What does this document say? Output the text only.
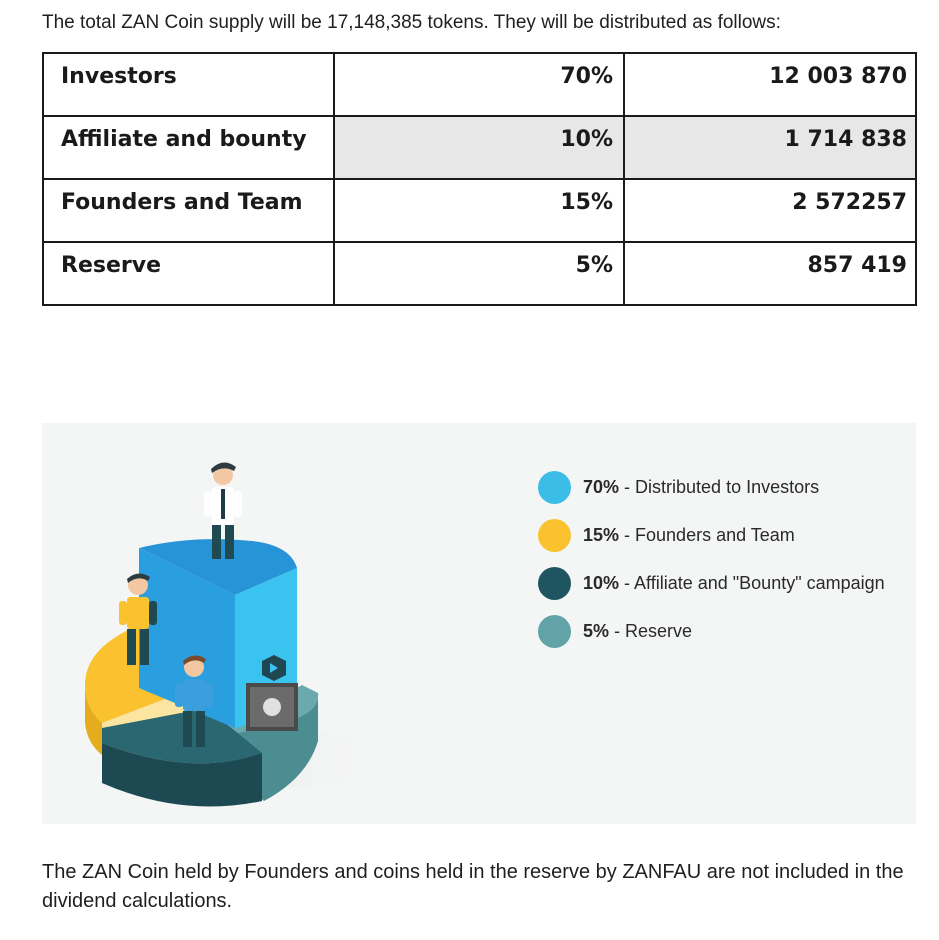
The total ZAN Coin supply will be 17,148,385 tokens. They will be distributed as follows:
Investors	70%	12 003 870
Affiliate and bounty	10%	1 714 838
Founders and Team	15%	2 572257
Reserve	5%	857 419
70% - Distributed to Investors
15% - Founders and Team
10% - Affiliate and "Bounty" campaign
5% - Reserve
The ZAN Coin held by Founders and coins held in the reserve by ZANFAU are not included in the dividend calculations.
